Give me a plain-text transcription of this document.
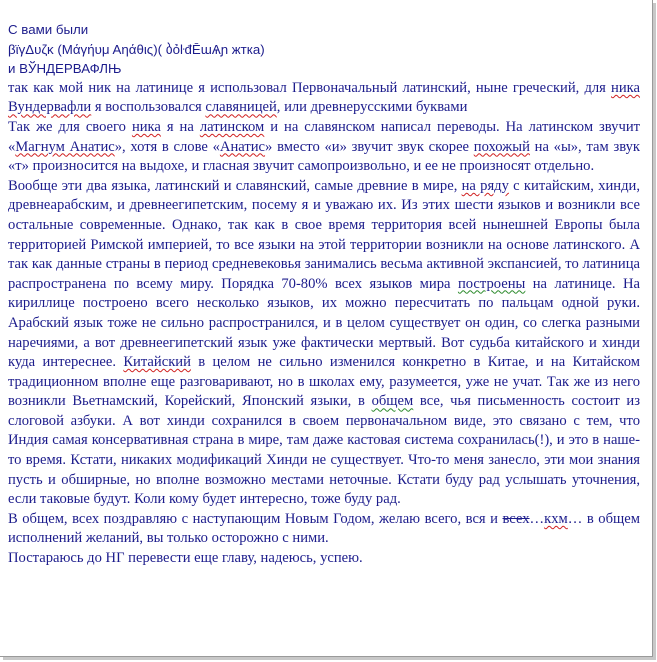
С вами были

βϊγΔυζκ (Μάγήυμ Αηάθις)( ბỏŀđĒɯѦɲ жтка)

и ВЎНДЕРВАФЛЊ

так как мой ник на латинице я использовал Первоначальный латинский, ныне греческий, для ника Вундервафли я воспользовался славяницей, или древнерусскими буквами

Так же для своего ника я на латинском и на славянском написал переводы. На латинском звучит «Магнум Анатис», хотя в слове «Анатис» вместо «и» звучит звук скорее похожый на «ы», там звук «т» произносится на выдохе, и гласная звучит самопроизвольно, и ее не произносят отдельно.

Вообще эти два языка, латинский и славянский, самые древние в мире, на ряду с китайским, хинди, древнеарабским, и древнеегипетским, посему я и уважаю их. Из этих шести языков и возникли все остальные современные. Однако, так как в свое время территория всей нынешней Европы была территорией Римской империей, то все языки на этой территории возникли на основе латинского. А так как данные страны в период средневековья занимались весьма активной экспансией, то латиница распространена по всему миру. Порядка 70-80% всех языков мира построены на латинице. На кириллице построено всего несколько языков, их можно пересчитать по пальцам одной руки. Арабский язык тоже не сильно распространился, и в целом существует он один, со слегка разными наречиями, а вот древнеегипетский язык уже фактически мертвый. Вот судьба китайского и хинди куда интереснее. Китайский в целом не сильно изменился конкретно в Китае, и на Китайском традиционном вполне еще разговаривают, но в школах ему, разумеется, уже не учат. Так же из него возникли Вьетнамский, Корейский, Японский языки, в общем все, чья письменность состоит из слоговой азбуки. А вот хинди сохранился в своем первоначальном виде, это связано с тем, что Индия самая консервативная страна в мире, там даже кастовая система сохранилась(!), и это в наше-то время. Кстати, никаких модификаций Хинди не существует. Что-то меня занесло, эти мои знания пусть и обширные, но вполне возможно местами неточные. Кстати буду рад услышать уточнения, если таковые будут. Коли кому будет интересно, тоже буду рад.

В общем, всех поздравляю с наступающим Новым Годом, желаю всего, вся и всех…кхм… в общем исполнений желаний, вы только осторожно с ними.

Постараюсь до НГ перевести еще главу, надеюсь, успею.
